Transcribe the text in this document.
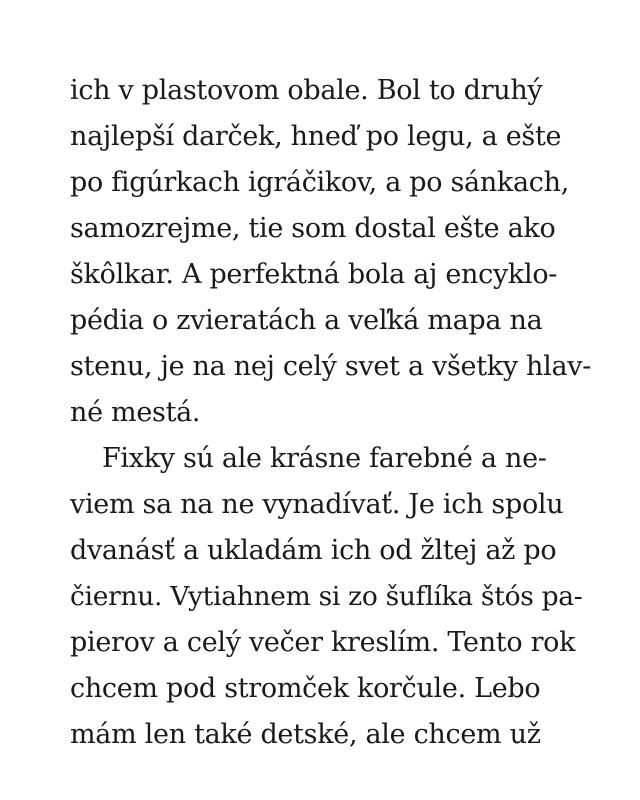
ich v plastovom obale. Bol to druhý
najlepší darček, hneď po legu, a ešte
po figúrkach igráčikov, a po sánkach,
samozrejme, tie som dostal ešte ako
škôlkar. A perfektná bola aj encyklo-
pédia o zvieratách a veľká mapa na
stenu, je na nej celý svet a všetky hlav-
né mestá.
Fixky sú ale krásne farebné a ne-
viem sa na ne vynadívať. Je ich spolu
dvanásť a ukladám ich od žltej až po
čiernu. Vytiahnem si zo šuflíka štós pa-
pierov a celý večer kreslím. Tento rok
chcem pod stromček korčule. Lebo
mám len také detské, ale chcem už
